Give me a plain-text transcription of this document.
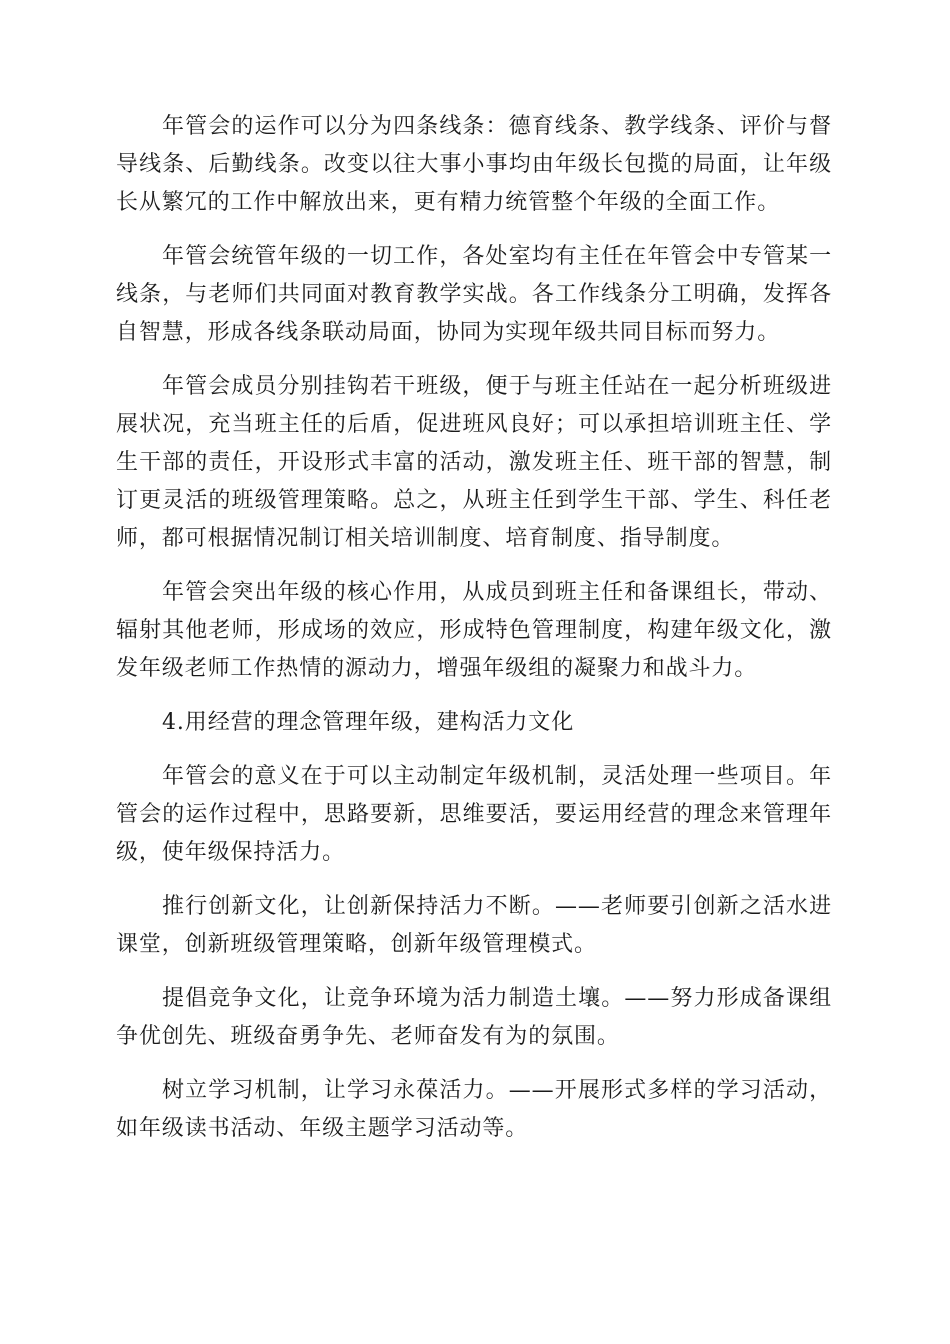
年管会的运作可以分为四条线条：德育线条、教学线条、评价与督导线条、后勤线条。改变以往大事小事均由年级长包揽的局面，让年级长从繁冗的工作中解放出来，更有精力统管整个年级的全面工作。

年管会统管年级的一切工作，各处室均有主任在年管会中专管某一线条，与老师们共同面对教育教学实战。各工作线条分工明确，发挥各自智慧，形成各线条联动局面，协同为实现年级共同目标而努力。

年管会成员分别挂钩若干班级，便于与班主任站在一起分析班级进展状况，充当班主任的后盾，促进班风良好；可以承担培训班主任、学生干部的责任，开设形式丰富的活动，激发班主任、班干部的智慧，制订更灵活的班级管理策略。总之，从班主任到学生干部、学生、科任老师，都可根据情况制订相关培训制度、培育制度、指导制度。

年管会突出年级的核心作用，从成员到班主任和备课组长，带动、辐射其他老师，形成场的效应，形成特色管理制度，构建年级文化，激发年级老师工作热情的源动力，增强年级组的凝聚力和战斗力。

4.用经营的理念管理年级，建构活力文化

年管会的意义在于可以主动制定年级机制，灵活处理一些项目。年管会的运作过程中，思路要新，思维要活，要运用经营的理念来管理年级，使年级保持活力。

推行创新文化，让创新保持活力不断。——老师要引创新之活水进课堂，创新班级管理策略，创新年级管理模式。

提倡竞争文化，让竞争环境为活力制造土壤。——努力形成备课组争优创先、班级奋勇争先、老师奋发有为的氛围。

树立学习机制，让学习永葆活力。——开展形式多样的学习活动，如年级读书活动、年级主题学习活动等。
